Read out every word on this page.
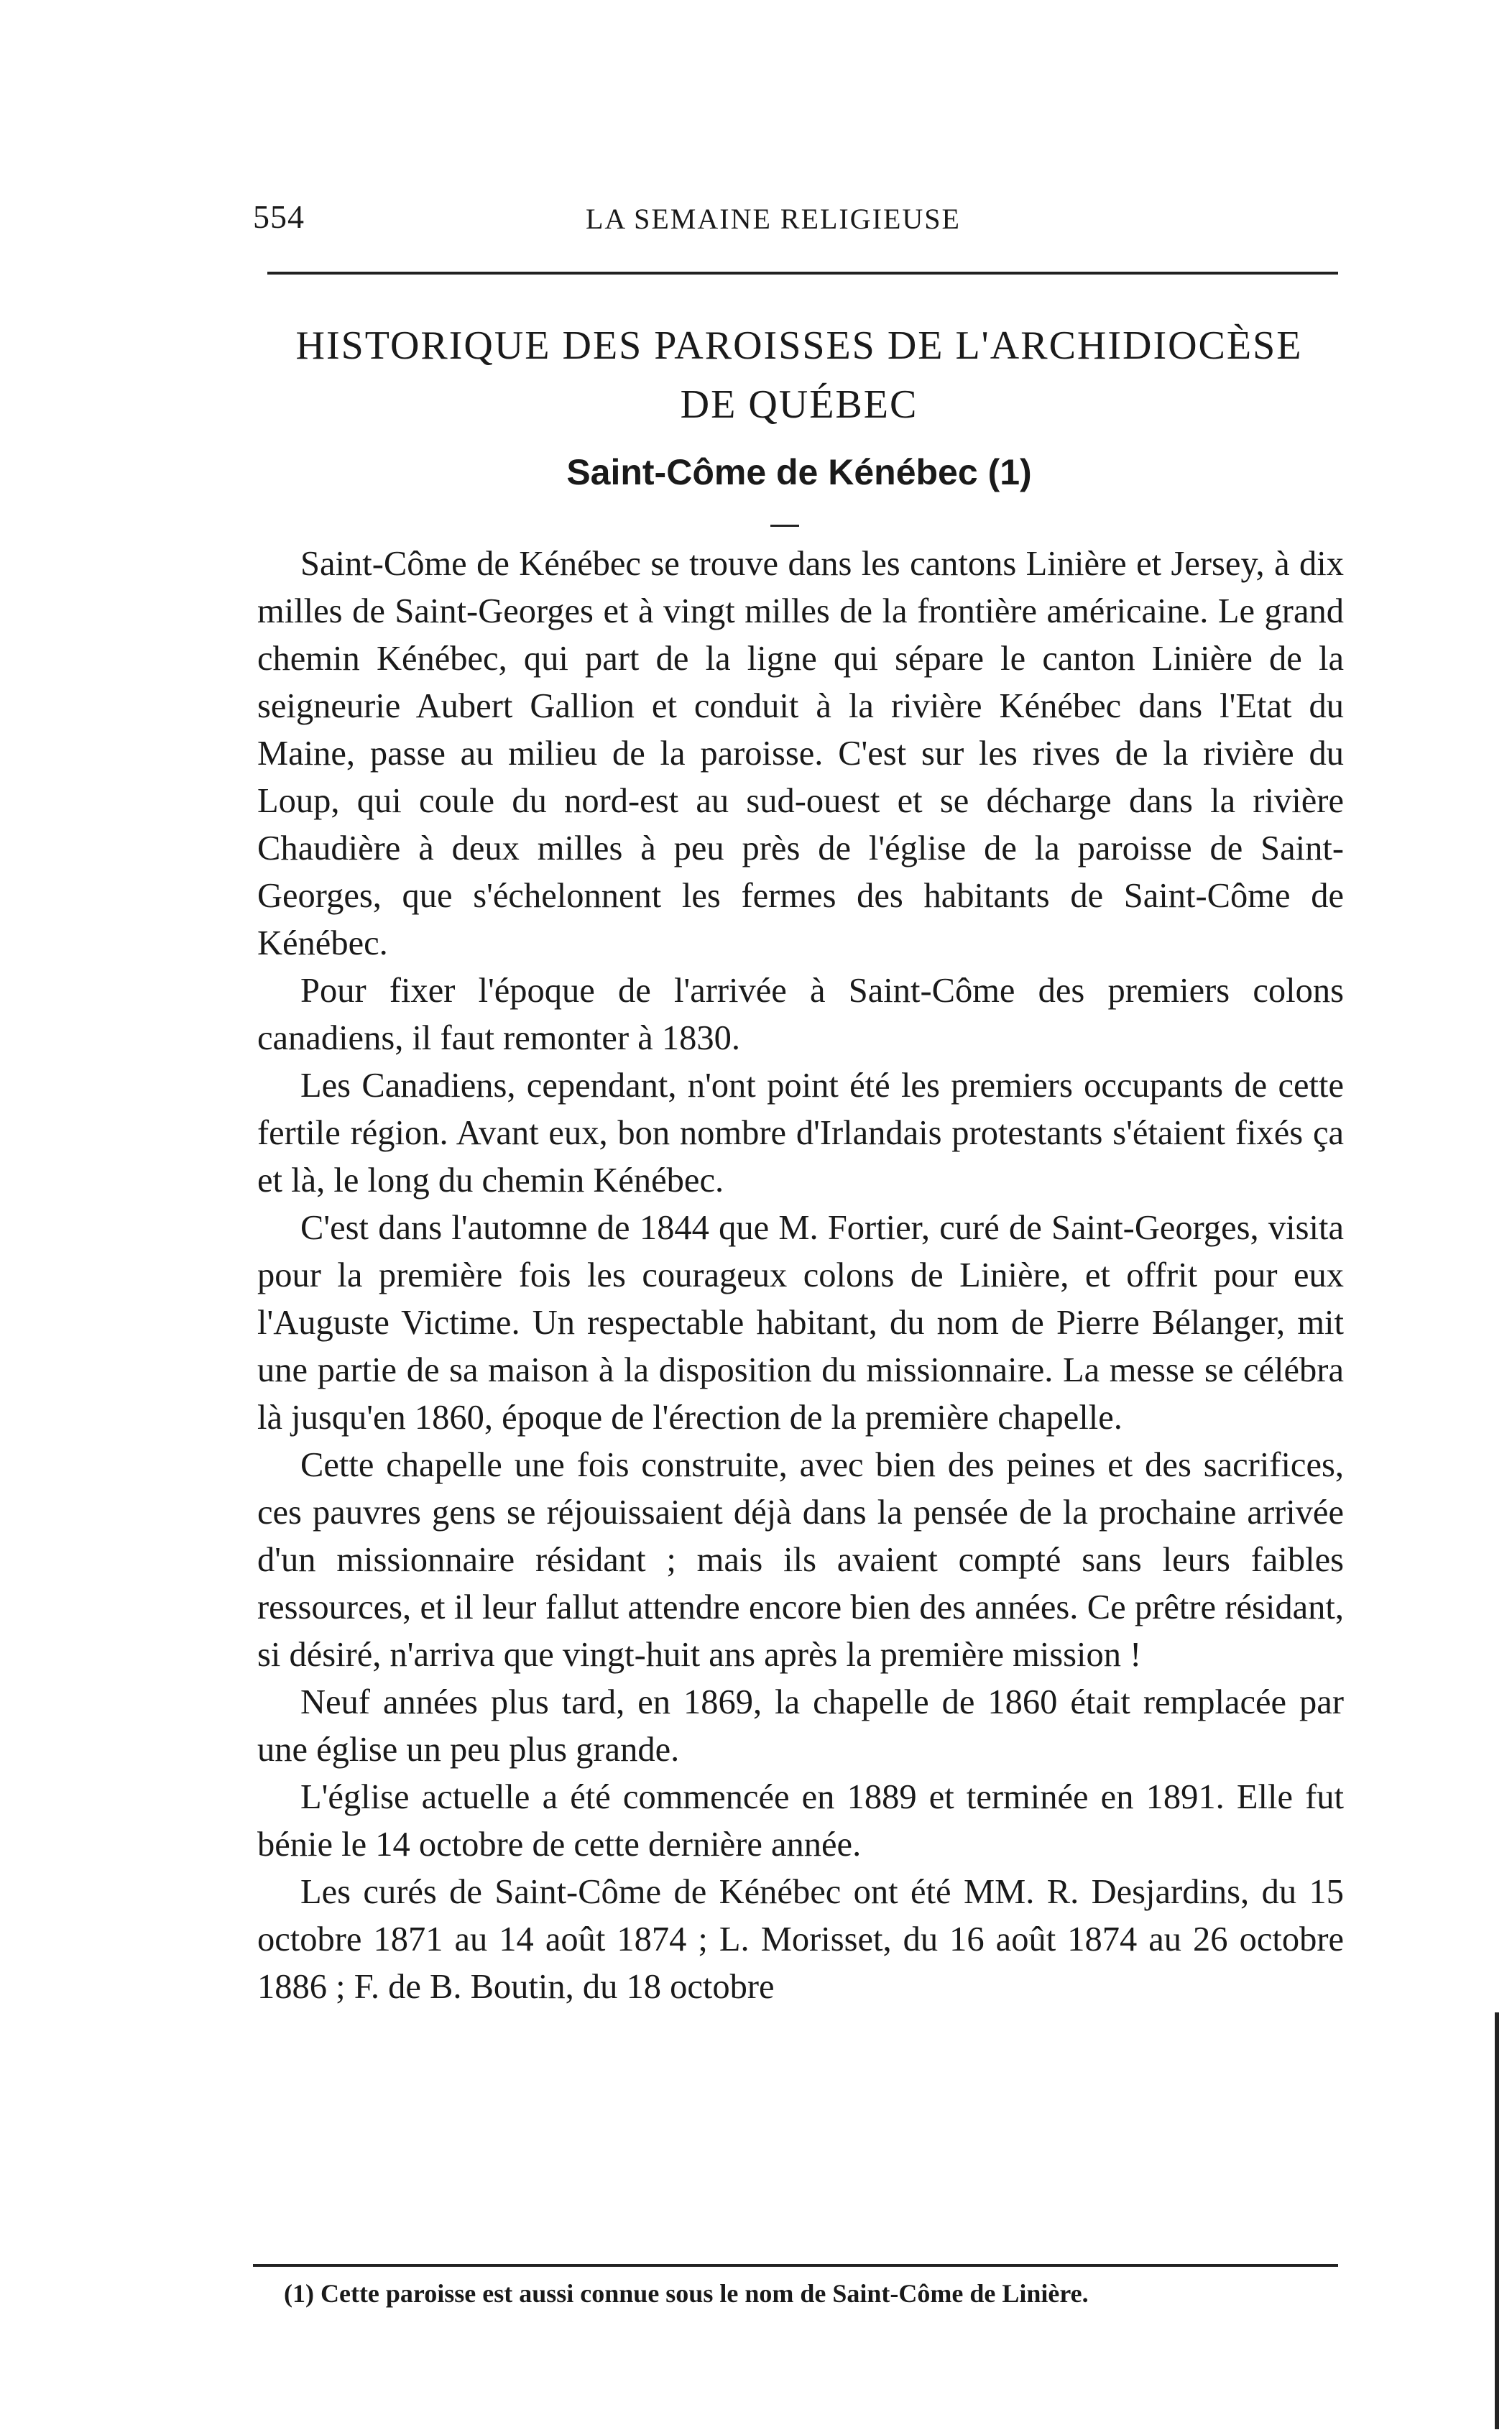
554	LA SEMAINE RELIGIEUSE
HISTORIQUE DES PAROISSES DE L'ARCHIDIOCÈSE
DE QUÉBEC
Saint-Côme de Kénébec (1)

Saint-Côme de Kénébec se trouve dans les cantons Linière et Jersey, à dix milles de Saint-Georges et à vingt milles de la frontière américaine. Le grand chemin Kénébec, qui part de la ligne qui sépare le canton Linière de la seigneurie Aubert Gallion et conduit à la rivière Kénébec dans l'Etat du Maine, passe au milieu de la paroisse. C'est sur les rives de la rivière du Loup, qui coule du nord-est au sud-ouest et se décharge dans la rivière Chaudière à deux milles à peu près de l'église de la paroisse de Saint-Georges, que s'échelonnent les fermes des habitants de Saint-Côme de Kénébec.

Pour fixer l'époque de l'arrivée à Saint-Côme des premiers colons canadiens, il faut remonter à 1830.

Les Canadiens, cependant, n'ont point été les premiers occupants de cette fertile région. Avant eux, bon nombre d'Irlandais protestants s'étaient fixés ça et là, le long du chemin Kénébec.

C'est dans l'automne de 1844 que M. Fortier, curé de Saint-Georges, visita pour la première fois les courageux colons de Linière, et offrit pour eux l'Auguste Victime. Un respectable habitant, du nom de Pierre Bélanger, mit une partie de sa maison à la disposition du missionnaire. La messe se célébra là jusqu'en 1860, époque de l'érection de la première chapelle.

Cette chapelle une fois construite, avec bien des peines et des sacrifices, ces pauvres gens se réjouissaient déjà dans la pensée de la prochaine arrivée d'un missionnaire résidant ; mais ils avaient compté sans leurs faibles ressources, et il leur fallut attendre encore bien des années. Ce prêtre résidant, si désiré, n'arriva que vingt-huit ans après la première mission !

Neuf années plus tard, en 1869, la chapelle de 1860 était remplacée par une église un peu plus grande.

L'église actuelle a été commencée en 1889 et terminée en 1891. Elle fut bénie le 14 octobre de cette dernière année.

Les curés de Saint-Côme de Kénébec ont été MM. R. Desjardins, du 15 octobre 1871 au 14 août 1874 ; L. Morisset, du 16 août 1874 au 26 octobre 1886 ; F. de B. Boutin, du 18 octobre

(1) Cette paroisse est aussi connue sous le nom de Saint-Côme de Linière.
